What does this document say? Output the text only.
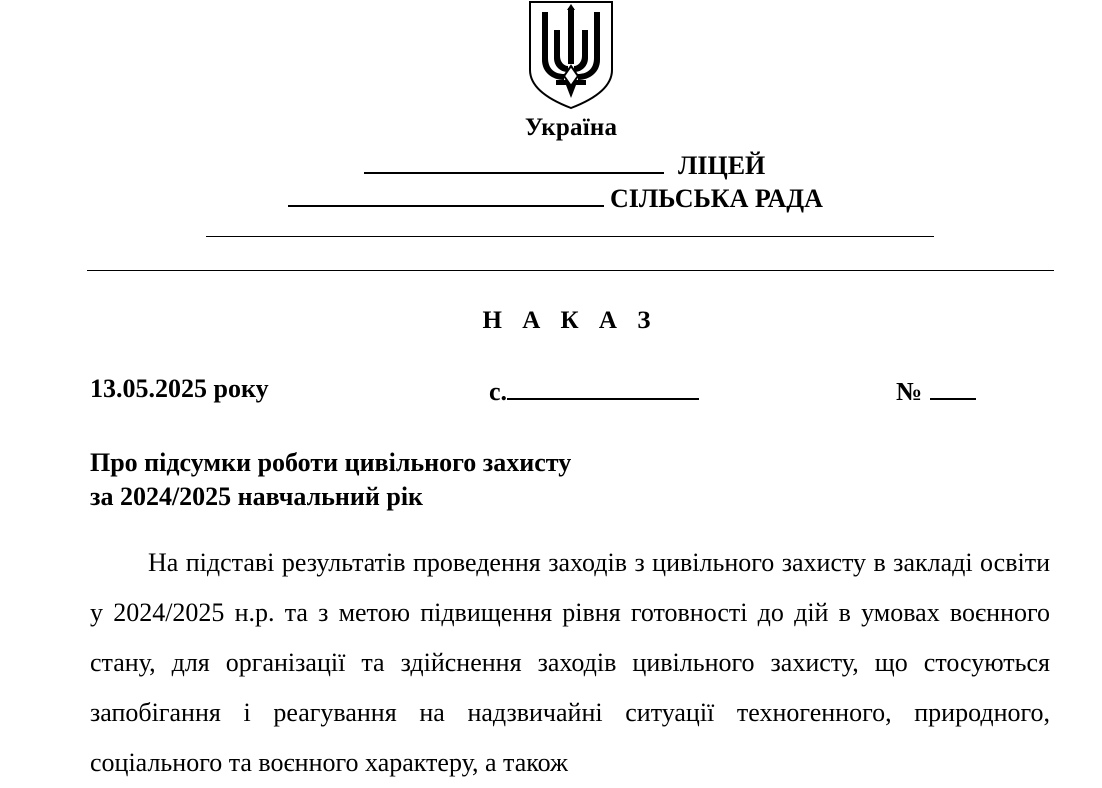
Україна
ЛІЦЕЙ
СІЛЬСЬКА РАДА
Н А К А З
13.05.2025 року	с.	№
Про підсумки роботи цивільного захисту
за 2024/2025 навчальний рік
На підставі результатів проведення заходів з цивільного захисту в закладі освіти у 2024/2025 н.р. та з метою підвищення рівня готовності до дій в умовах воєнного стану, для організації та здійснення заходів цивільного захисту, що стосуються запобігання і реагування на надзвичайні ситуації техногенного, природного, соціального та воєнного характеру, а також
